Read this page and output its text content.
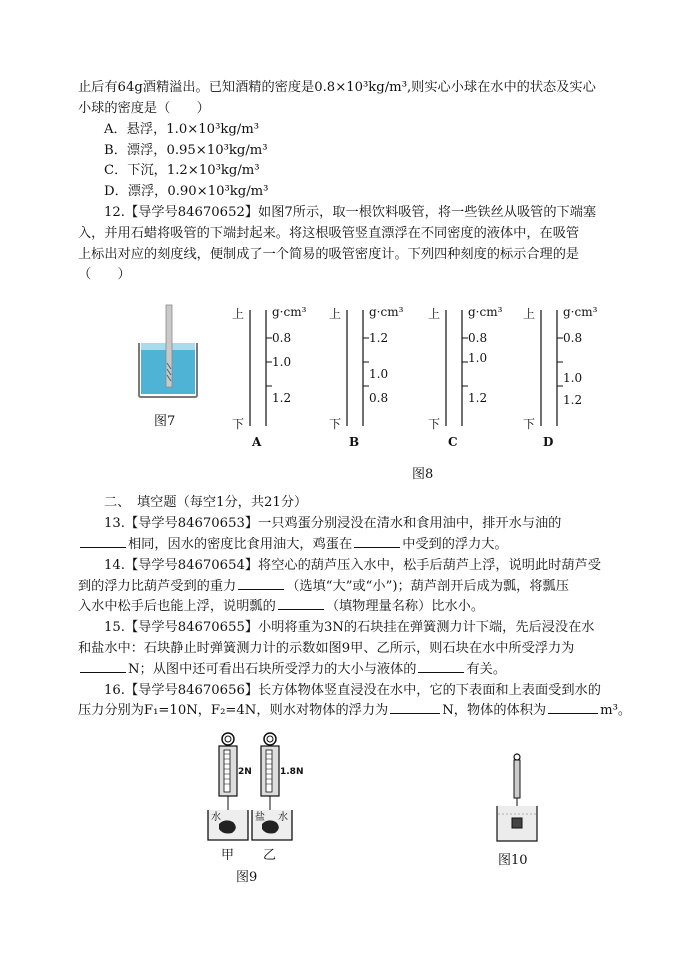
止后有64g酒精溢出。已知酒精的密度是0.8×10³kg/m³,则实心小球在水中的状态及实心
小球的密度是（　　）
A．悬浮，1.0×10³kg/m³
B．漂浮，0.95×10³kg/m³
C．下沉，1.2×10³kg/m³
D．漂浮，0.90×10³kg/m³
12.【导学号84670652】如图7所示，取一根饮料吸管，将一些铁丝从吸管的下端塞
入，并用石蜡将吸管的下端封起来。将这根吸管竖直漂浮在不同密度的液体中，在吸管
上标出对应的刻度线，便制成了一个简易的吸管密度计。下列四种刻度的标示合理的是
（　　）
图7
上
下
g·cm³
0.8
1.0
1.2
A
上
下
g·cm³
1.2
1.0
0.8
B
上
下
g·cm³
0.8
1.0
1.2
C
上
下
g·cm³
0.8
1.0
1.2
D
图8
二、　填空题（每空1分，共21分）
13.【导学号84670653】一只鸡蛋分别浸没在清水和食用油中，排开水与油的
相同，因水的密度比食用油大，鸡蛋在	中受到的浮力大。
14.【导学号84670654】将空心的葫芦压入水中，松手后葫芦上浮，说明此时葫芦受
到的浮力比葫芦受到的重力	（选填“大”或“小”)；葫芦剖开后成为瓢，将瓢压
入水中松手后也能上浮，说明瓢的	（填物理量名称）比水小。
15.【导学号84670655】小明将重为3N的石块挂在弹簧测力计下端，先后浸没在水
和盐水中：石块静止时弹簧测力计的示数如图9甲、乙所示，则石块在水中所受浮力为
N；从图中还可看出石块所受浮力的大小与液体的	有关。
16.【导学号84670656】长方体物体竖直浸没在水中，它的下表面和上表面受到水的
压力分别为F₁=10N，F₂=4N，则水对物体的浮力为	N，物体的体积为	m³。
2N
水
1.8N
盐 水
甲 乙
图9
图10
